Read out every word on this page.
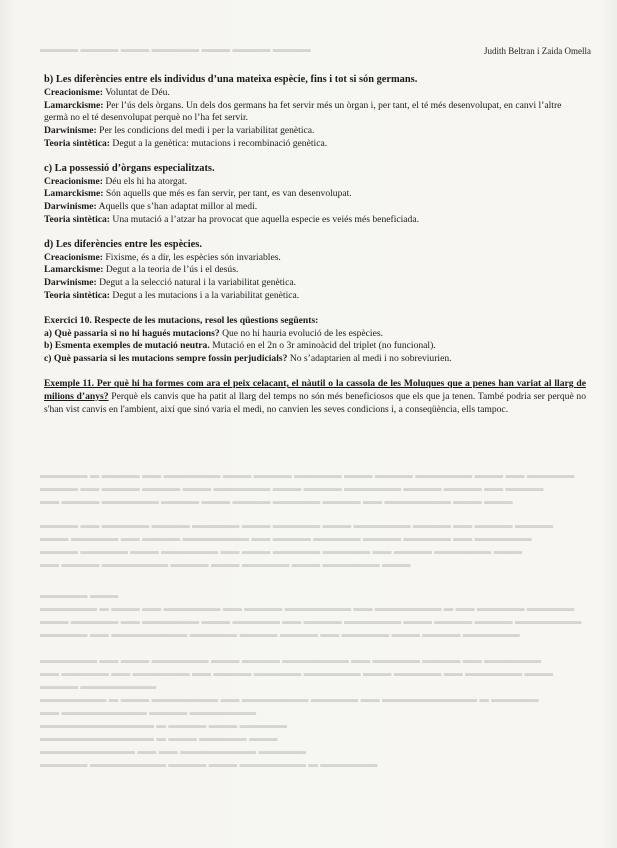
▬▬▬▬ ▬▬▬▬ ▬▬▬ ▬▬▬▬▬ ▬▬▬ ▬▬▬▬ ▬▬▬▬
▬▬▬▬▬ ▬ ▬▬▬▬ ▬▬ ▬▬▬▬▬▬ ▬▬▬ ▬▬▬▬ ▬▬▬▬▬ ▬▬▬ ▬▬▬▬ ▬▬▬▬▬▬ ▬▬▬ ▬▬ ▬▬▬▬▬
▬▬▬▬ ▬▬ ▬▬▬▬ ▬▬▬▬ ▬▬▬ ▬▬▬▬▬▬ ▬▬▬ ▬▬▬▬ ▬▬▬▬▬▬ ▬▬▬▬ ▬▬▬▬ ▬▬ ▬▬▬▬
▬▬ ▬▬▬▬ ▬▬▬▬▬▬ ▬▬▬▬ ▬▬▬ ▬▬▬▬ ▬▬▬▬▬ ▬▬▬▬ ▬▬ ▬▬▬▬▬▬▬ ▬▬▬ ▬▬▬
▬▬▬▬ ▬▬ ▬▬▬▬▬ ▬▬▬▬ ▬▬▬▬▬ ▬▬▬ ▬▬▬▬▬ ▬▬▬ ▬▬▬▬▬▬ ▬▬▬▬ ▬▬ ▬▬▬▬ ▬▬▬▬
▬▬▬ ▬▬▬▬▬ ▬▬ ▬▬▬▬ ▬▬▬▬▬▬▬ ▬▬ ▬▬▬▬ ▬▬▬▬▬ ▬▬▬▬ ▬▬▬▬▬ ▬▬ ▬▬▬▬▬▬
▬▬▬▬ ▬▬▬▬▬ ▬▬▬ ▬▬▬▬▬▬ ▬▬ ▬▬▬ ▬▬▬▬▬ ▬▬▬▬▬ ▬▬ ▬▬▬▬ ▬▬▬▬▬▬ ▬▬▬
▬▬ ▬▬▬▬ ▬▬▬▬▬▬▬ ▬▬▬▬ ▬▬▬ ▬▬▬▬▬ ▬▬▬ ▬▬▬▬▬▬ ▬▬▬
▬▬▬▬▬ ▬▬▬
▬▬▬▬▬▬ ▬ ▬▬▬ ▬▬ ▬▬▬▬▬▬ ▬▬ ▬▬▬▬ ▬▬▬▬▬▬▬ ▬▬ ▬▬▬▬▬▬▬ ▬ ▬▬ ▬▬▬▬▬ ▬▬▬▬▬
▬▬▬ ▬▬▬▬▬ ▬▬ ▬▬▬▬▬▬ ▬▬▬ ▬▬▬▬▬ ▬▬ ▬▬▬▬ ▬▬▬▬▬▬ ▬▬▬ ▬▬▬▬ ▬▬▬▬ ▬▬▬▬▬▬▬
▬▬▬▬▬ ▬▬ ▬▬▬▬▬▬▬▬ ▬▬▬▬▬ ▬▬▬▬ ▬▬▬▬ ▬▬ ▬▬▬▬▬ ▬▬▬ ▬▬▬▬ ▬▬▬▬▬▬
▬▬▬▬▬▬ ▬▬ ▬▬▬ ▬▬▬▬▬▬ ▬▬▬ ▬▬▬▬ ▬▬▬▬▬▬▬ ▬▬ ▬▬▬▬▬ ▬▬▬▬ ▬▬ ▬▬▬▬▬▬
▬▬ ▬▬▬▬▬ ▬▬ ▬▬▬▬▬▬ ▬▬ ▬▬▬▬ ▬▬▬▬▬ ▬▬▬▬▬▬ ▬▬▬ ▬▬▬▬▬ ▬▬ ▬▬▬▬▬▬ ▬▬▬
▬▬▬▬ ▬▬▬▬▬▬▬▬
▬▬▬▬▬▬▬ ▬ ▬▬▬ ▬▬▬▬▬▬▬ ▬▬ ▬▬▬▬▬▬▬ ▬▬▬▬▬ ▬▬ ▬▬▬▬▬▬▬▬▬▬ ▬ ▬▬▬▬▬
▬▬ ▬▬▬▬▬▬▬▬▬ ▬▬▬▬ ▬▬▬▬▬▬▬
▬▬▬▬▬▬▬▬▬▬▬▬ ▬ ▬▬▬▬ ▬▬▬ ▬▬▬▬▬
▬▬▬▬▬▬▬▬▬▬▬▬ ▬ ▬▬▬ ▬▬▬▬▬ ▬▬▬
▬▬▬▬▬▬▬▬▬▬ ▬▬ ▬▬ ▬▬▬▬▬▬▬▬ ▬▬▬▬▬
▬▬▬▬▬ ▬▬▬▬▬▬▬▬ ▬▬▬▬ ▬▬▬ ▬▬▬▬▬▬▬ ▬ ▬▬▬▬▬▬
Judith Beltran i Zaida Omella
b) Les diferències entre els individus d’una mateixa espècie, fins i tot si són germans.
Creacionisme: Voluntat de Déu.
Lamarckisme: Per l’ús dels òrgans. Un dels dos germans ha fet servir més un òrgan i, per tant, el té més desenvolupat, en canvi l’altre germà no el té desenvolupat perquè no l’ha fet servir.
Darwinisme: Per les condicions del medi i per la variabilitat genètica.
Teoria sintètica: Degut a la genètica: mutacions i recombinació genètica.
c) La possessió d’òrgans especialitzats.
Creacionisme: Déu els hi ha atorgat.
Lamarckisme: Són aquells que més es fan servir, per tant, es van desenvolupat.
Darwinisme: Aquells que s’han adaptat millor al medi.
Teoria sintètica: Una mutació a l’atzar ha provocat que aquella especie es veiés més beneficiada.
d) Les diferències entre les espècies.
Creacionisme: Fixisme, és a dir, les espècies són invariables.
Lamarckisme: Degut a la teoria de l’ús i el desús.
Darwinisme: Degut a la selecció natural i la variabilitat genètica.
Teoria sintètica: Degut a les mutacions i a la variabilitat genètica.
Exercici 10. Respecte de les mutacions, resol les qüestions següents:
a) Què passaria si no hi hagués mutacions? Que no hi hauria evolució de les espècies.
b) Esmenta exemples de mutació neutra. Mutació en el 2n o 3r aminoàcid del triplet (no funcional).
c) Què passaria si les mutacions sempre fossin perjudicials? No s’adaptarien al medi i no sobreviurien.
Exemple 11. Per què hi ha formes com ara el peix celacant, el nàutil o la cassola de les Moluques que a penes han variat al llarg de milions d’anys? Perquè els canvis que ha patit al llarg del temps no són més beneficiosos que els que ja tenen. També podria ser perquè no s'han vist canvis en l'ambient, així que sinó varia el medi, no canvien les seves condicions i, a conseqüència, ells tampoc.
